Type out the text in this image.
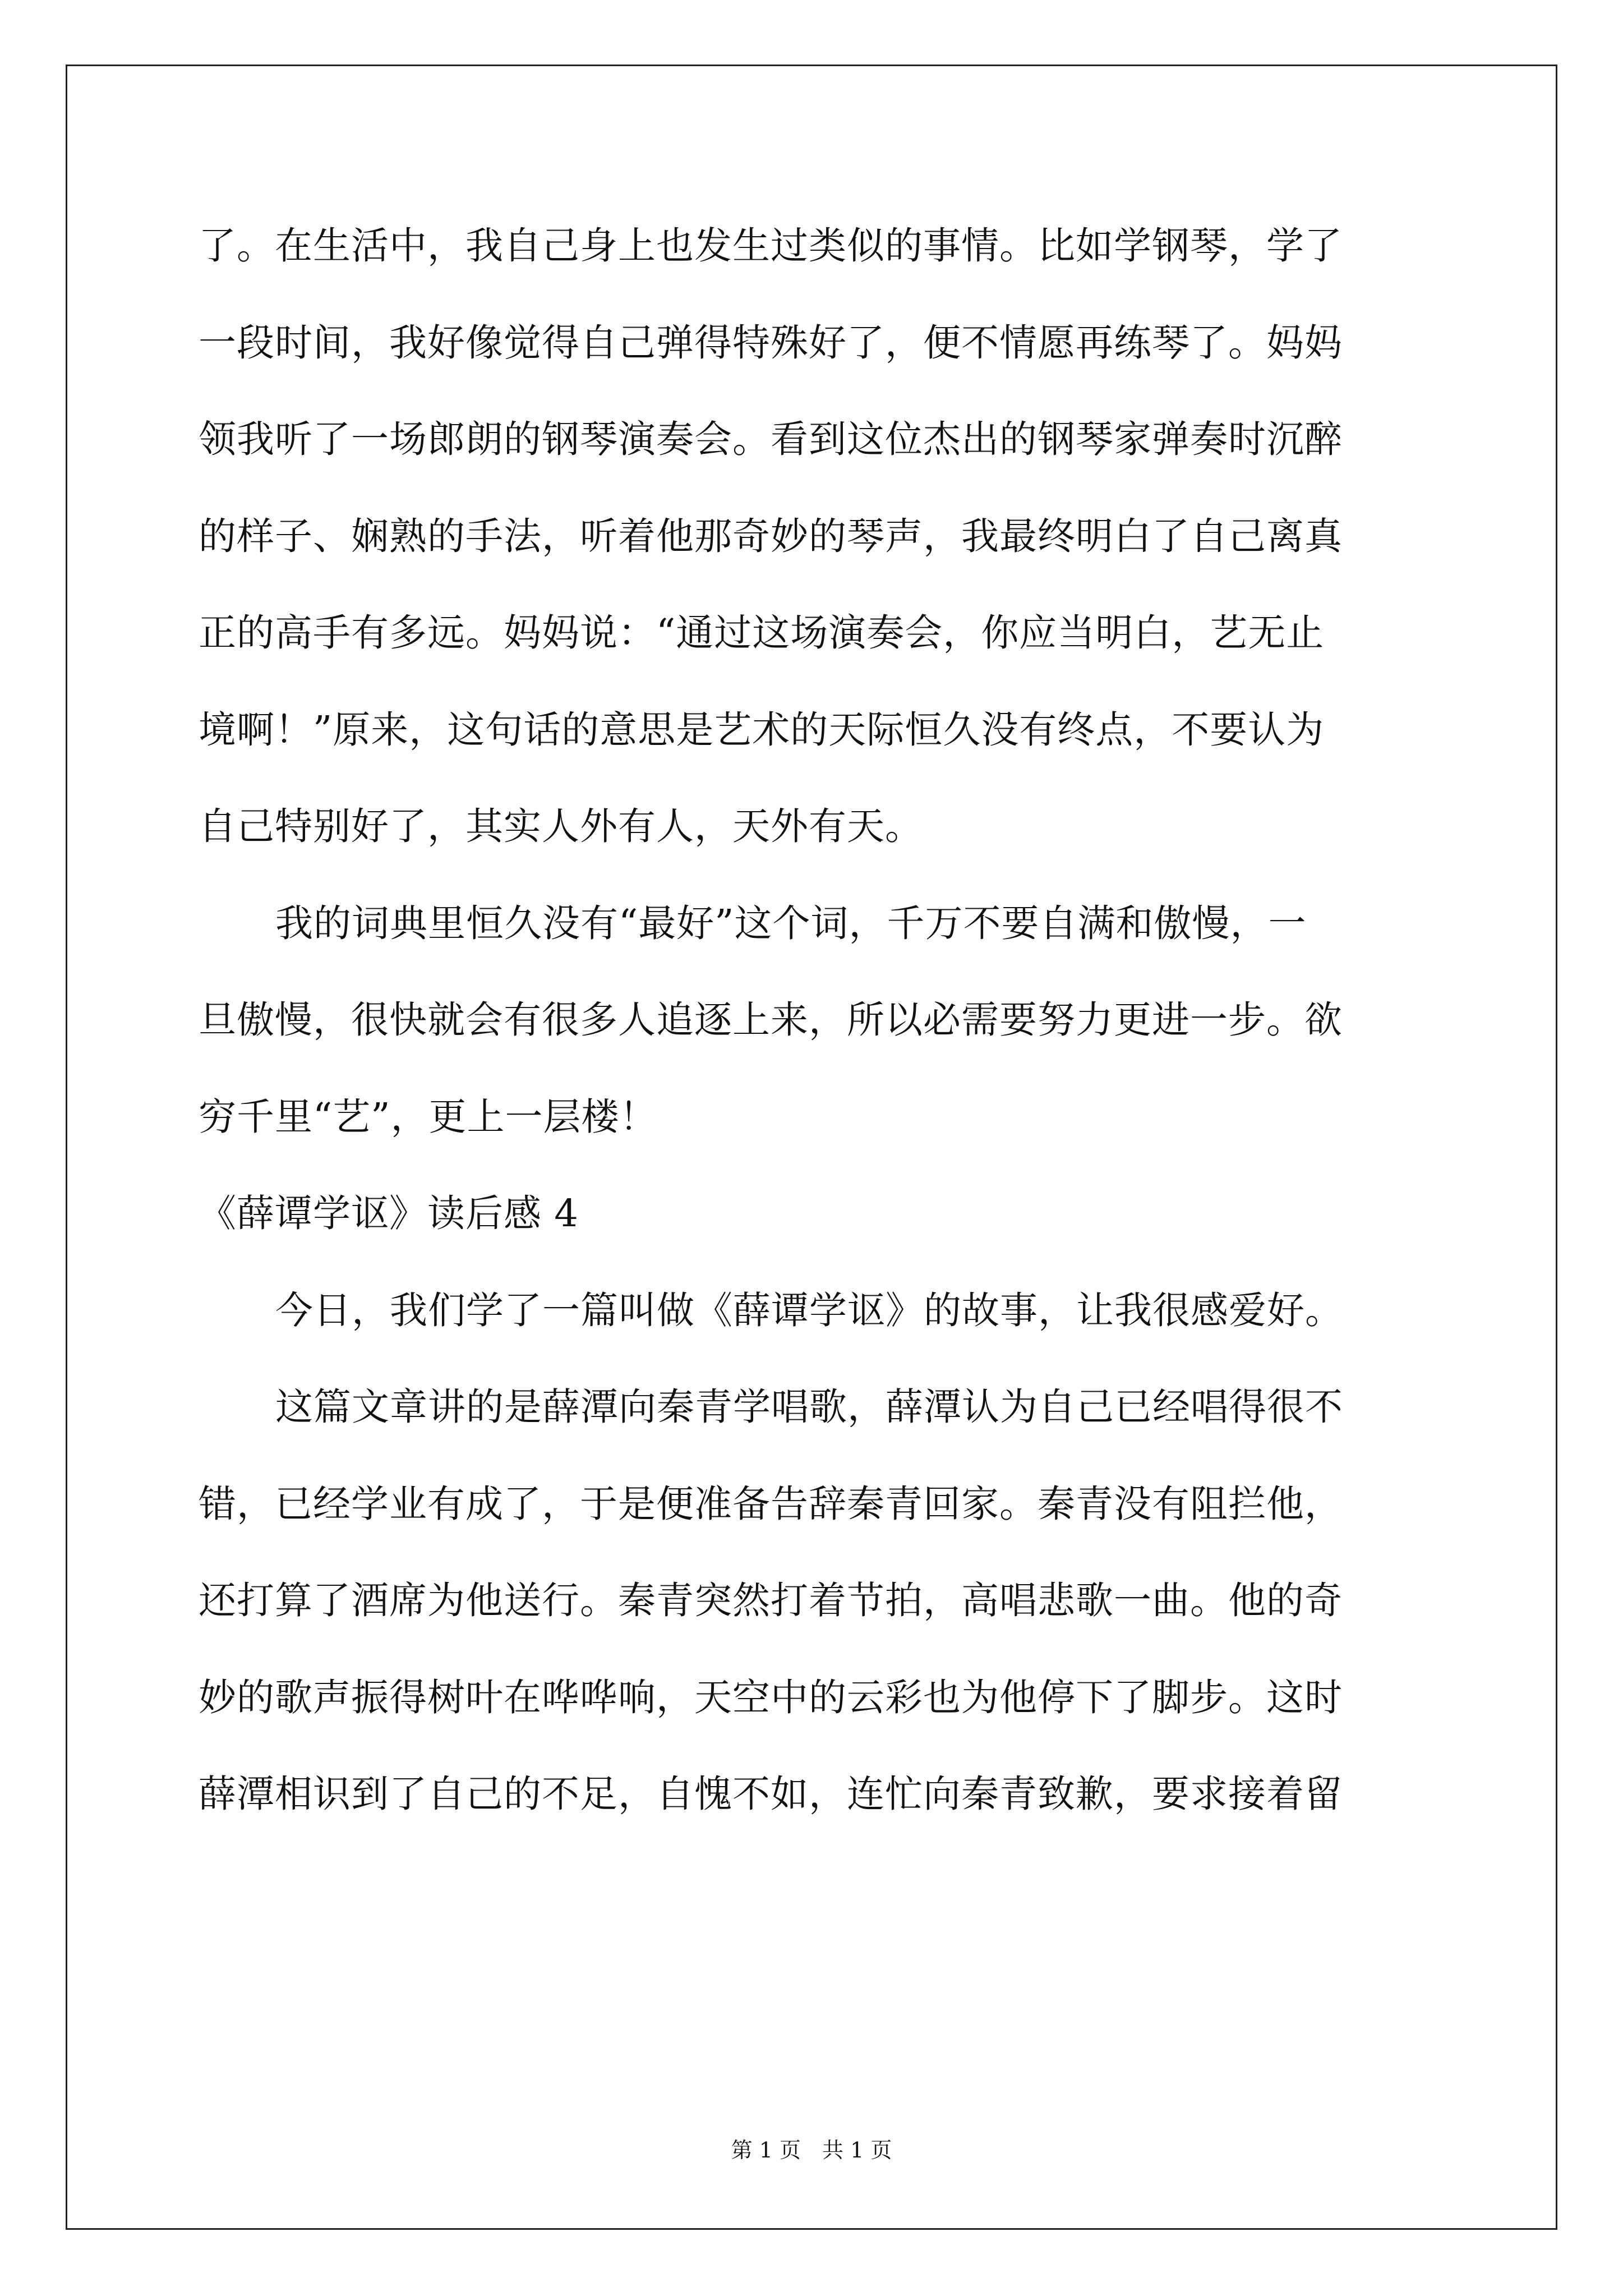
了。在生活中，我自己身上也发生过类似的事情。比如学钢琴，学了
一段时间，我好像觉得自己弹得特殊好了，便不情愿再练琴了。妈妈
领我听了一场郎朗的钢琴演奏会。看到这位杰出的钢琴家弹奏时沉醉
的样子、娴熟的手法，听着他那奇妙的琴声，我最终明白了自己离真
正的高手有多远。妈妈说：“通过这场演奏会，你应当明白，艺无止
境啊！”原来，这句话的意思是艺术的天际恒久没有终点，不要认为
自己特别好了，其实人外有人，天外有天。
我的词典里恒久没有“最好”这个词，千万不要自满和傲慢，一
旦傲慢，很快就会有很多人追逐上来，所以必需要努力更进一步。欲
穷千里“艺”，更上一层楼！
《薛谭学讴》读后感 4
今日，我们学了一篇叫做《薛谭学讴》的故事，让我很感爱好。
这篇文章讲的是薛潭向秦青学唱歌，薛潭认为自己已经唱得很不
错，已经学业有成了，于是便准备告辞秦青回家。秦青没有阻拦他，
还打算了酒席为他送行。秦青突然打着节拍，高唱悲歌一曲。他的奇
妙的歌声振得树叶在哗哗响，天空中的云彩也为他停下了脚步。这时
薛潭相识到了自己的不足，自愧不如，连忙向秦青致歉，要求接着留
第 1 页　共 1 页
